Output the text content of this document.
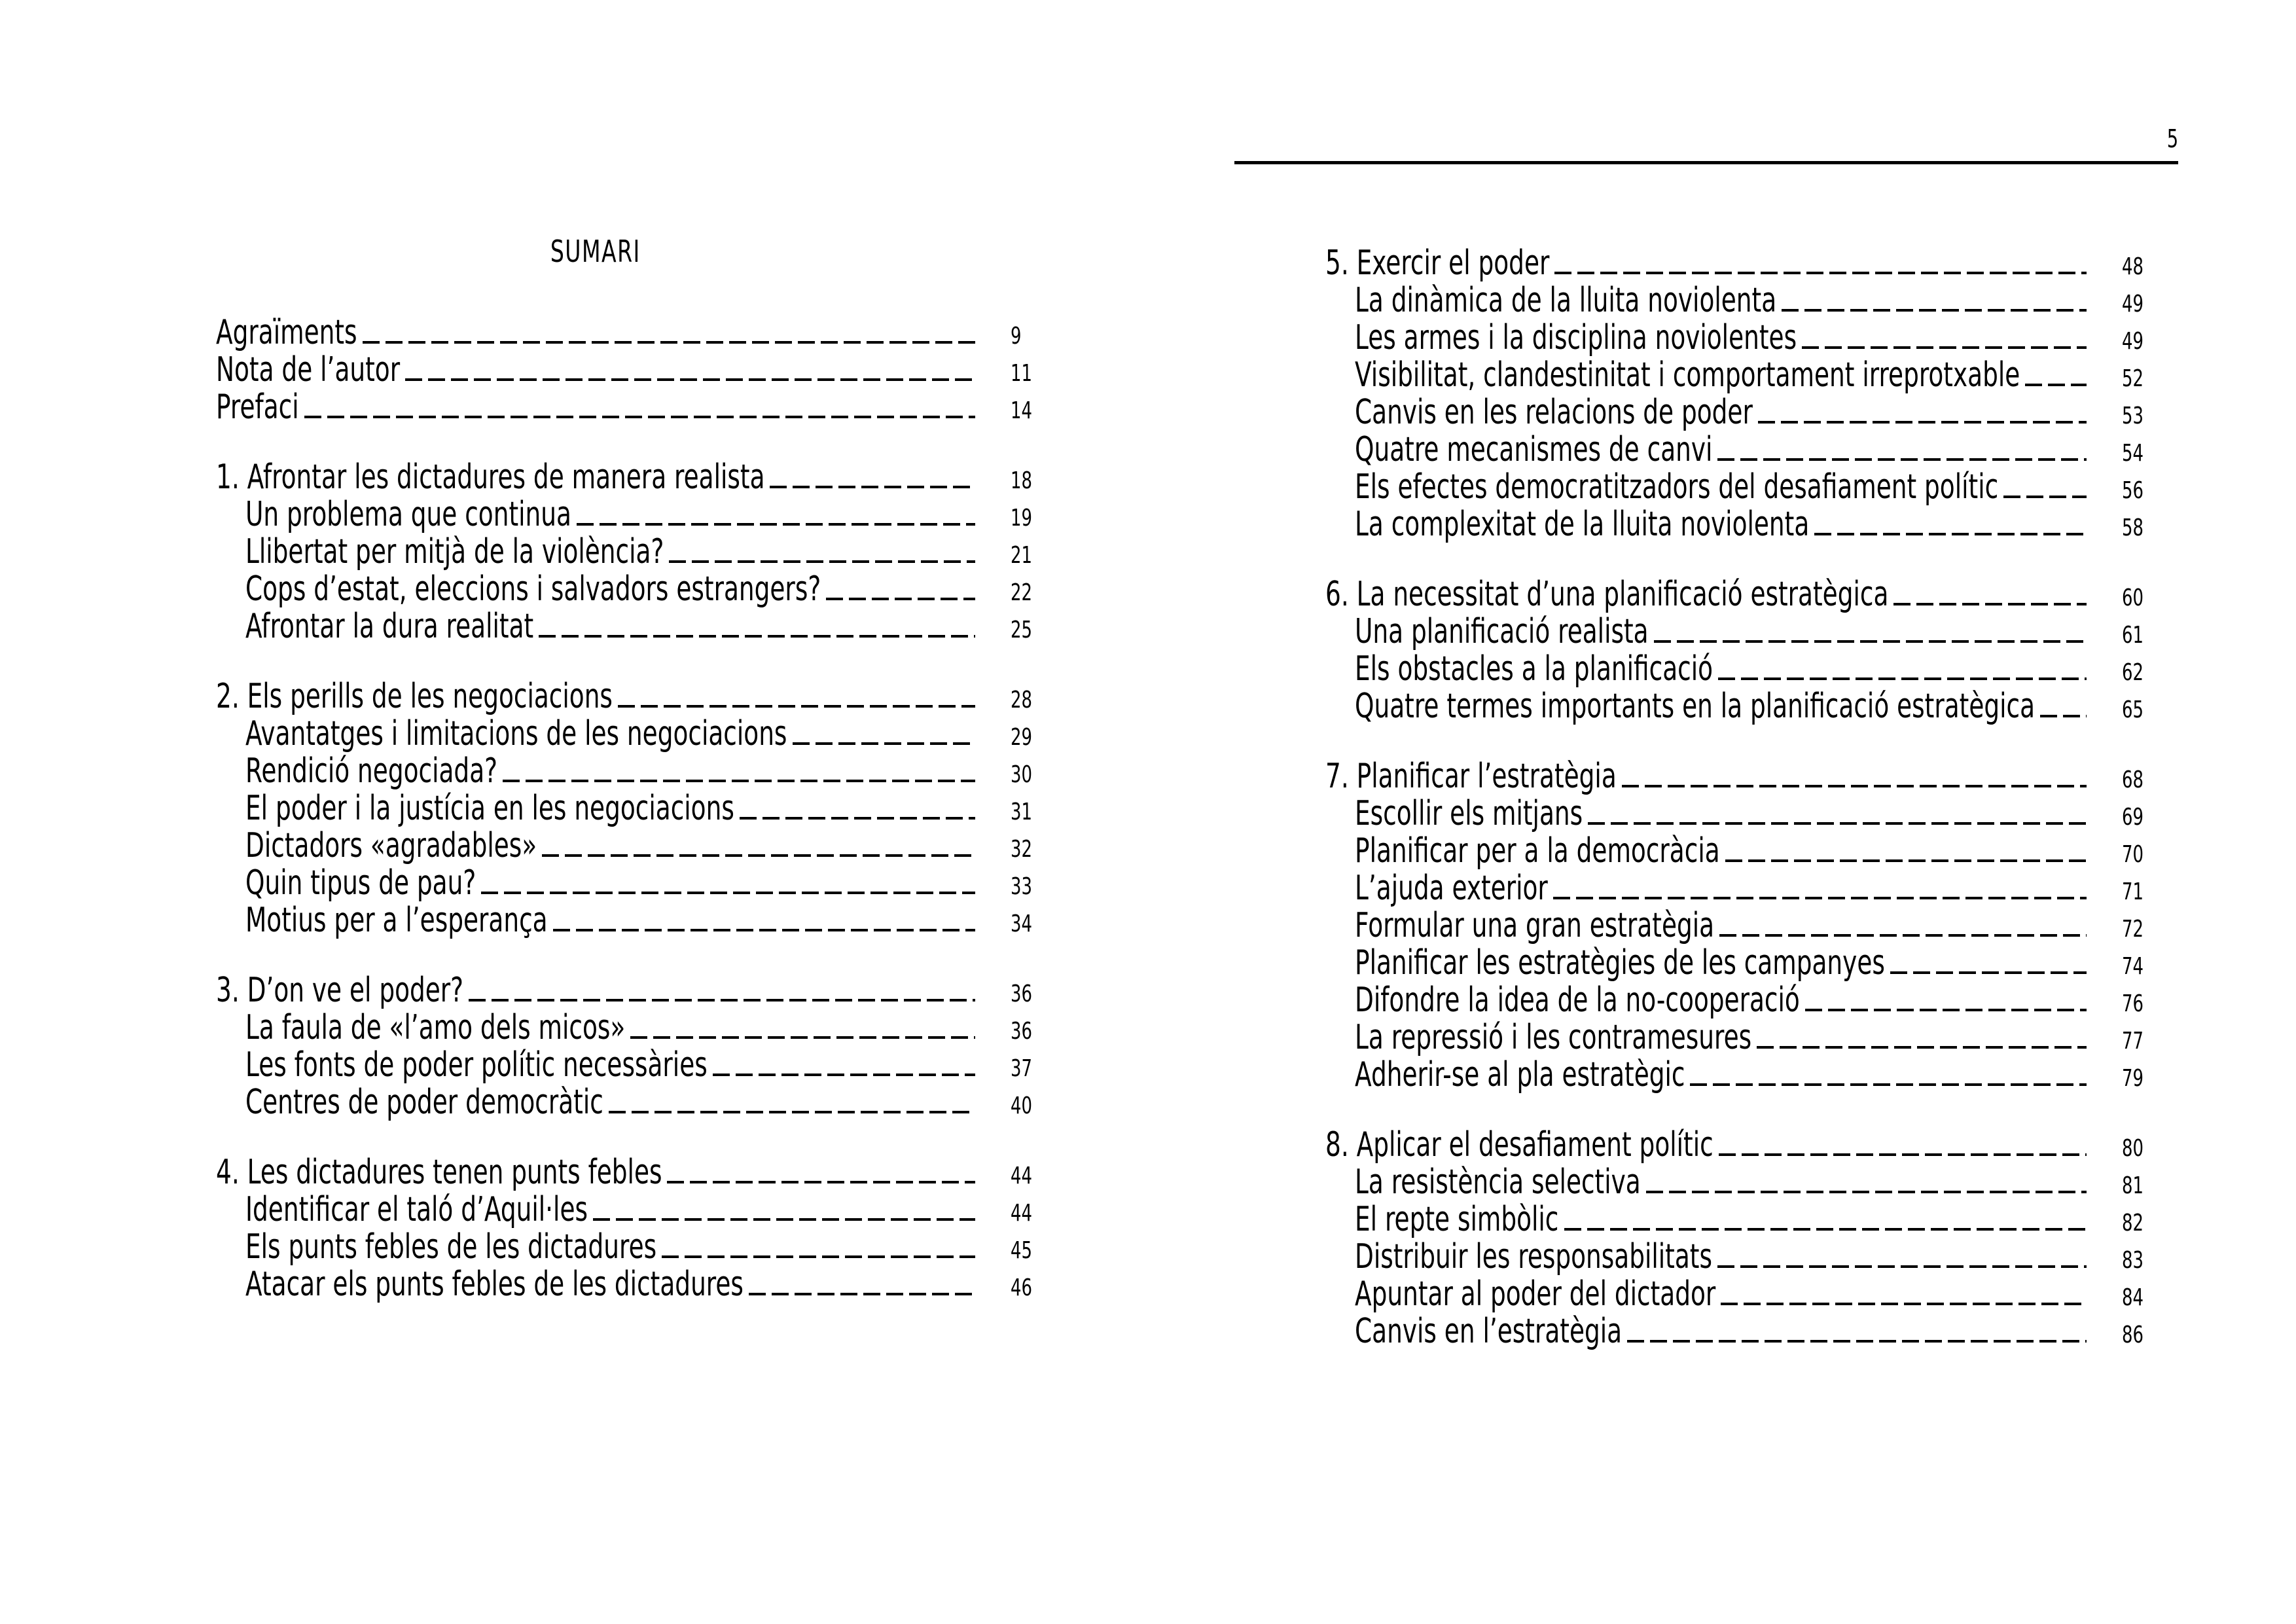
SUMARI
Agraïments	9
Nota de l’autor	11
Prefaci	14
1. Afrontar les dictadures de manera realista	18
Un problema que continua	19
Llibertat per mitjà de la violència?	21
Cops d’estat, eleccions i salvadors estrangers?	22
Afrontar la dura realitat	25
2. Els perills de les negociacions	28
Avantatges i limitacions de les negociacions	29
Rendició negociada?	30
El poder i la justícia en les negociacions	31
Dictadors «agradables»	32
Quin tipus de pau?	33
Motius per a l’esperança	34
3. D’on ve el poder?	36
La faula de «l’amo dels micos»	36
Les fonts de poder polític necessàries	37
Centres de poder democràtic	40
4. Les dictadures tenen punts febles	44
Identificar el taló d’Aquil·les	44
Els punts febles de les dictadures	45
Atacar els punts febles de les dictadures	46
5
5. Exercir el poder	48
La dinàmica de la lluita noviolenta	49
Les armes i la disciplina noviolentes	49
Visibilitat, clandestinitat i comportament irreprotxable	52
Canvis en les relacions de poder	53
Quatre mecanismes de canvi	54
Els efectes democratitzadors del desafiament polític	56
La complexitat de la lluita noviolenta	58
6. La necessitat d’una planificació estratègica	60
Una planificació realista	61
Els obstacles a la planificació	62
Quatre termes importants en la planificació estratègica	65
7. Planificar l’estratègia	68
Escollir els mitjans	69
Planificar per a la democràcia	70
L’ajuda exterior	71
Formular una gran estratègia	72
Planificar les estratègies de les campanyes	74
Difondre la idea de la no-cooperació	76
La repressió i les contramesures	77
Adherir-se al pla estratègic	79
8. Aplicar el desafiament polític	80
La resistència selectiva	81
El repte simbòlic	82
Distribuir les responsabilitats	83
Apuntar al poder del dictador	84
Canvis en l’estratègia	86
